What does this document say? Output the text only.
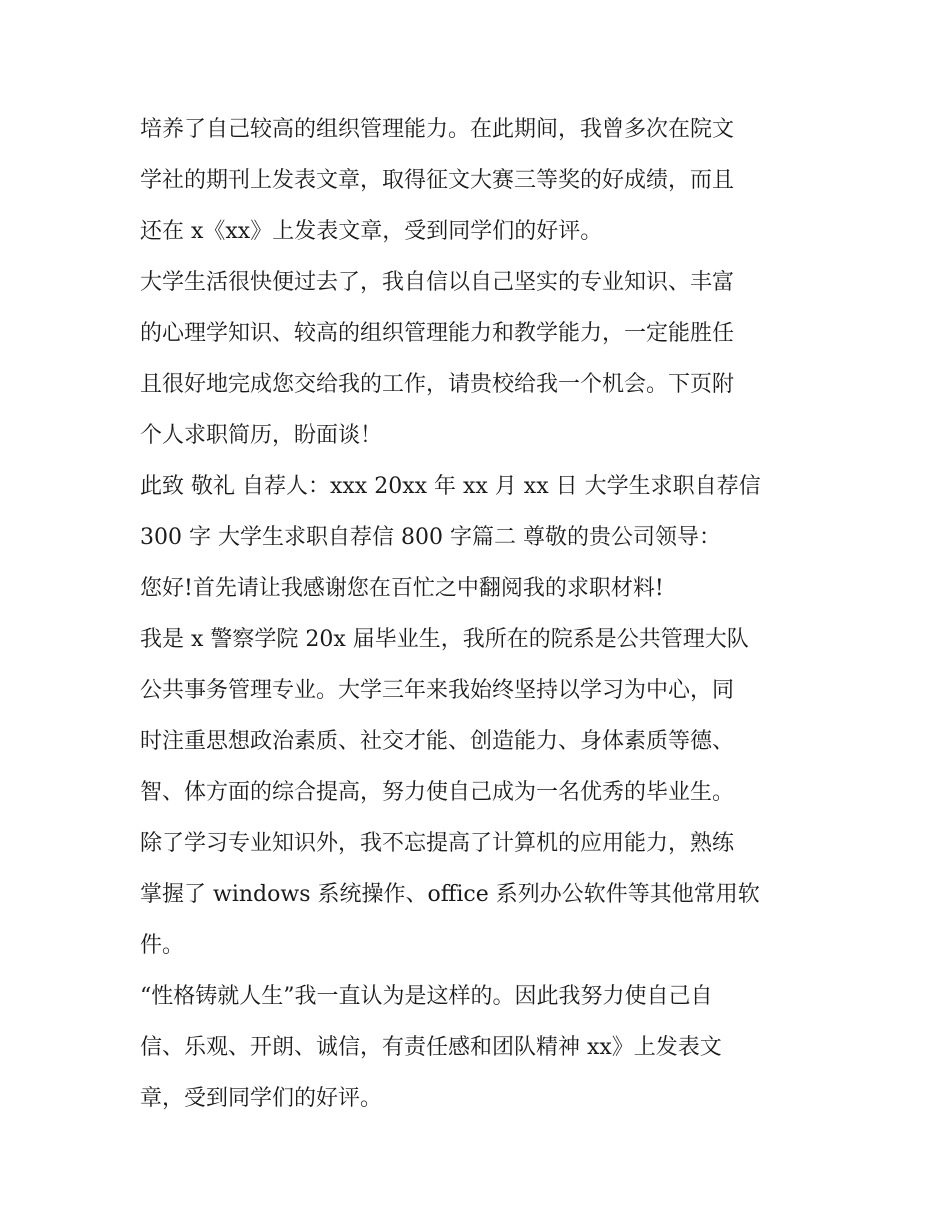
培养了自己较高的组织管理能力。在此期间，我曾多次在院文
学社的期刊上发表文章，取得征文大赛三等奖的好成绩，而且
还在 x《xx》上发表文章，受到同学们的好评。
大学生活很快便过去了，我自信以自己坚实的专业知识、丰富
的心理学知识、较高的组织管理能力和教学能力，一定能胜任
且很好地完成您交给我的工作，请贵校给我一个机会。下页附
个人求职简历，盼面谈！
此致 敬礼 自荐人：xxx 20xx 年 xx 月 xx 日 大学生求职自荐信
300 字 大学生求职自荐信 800 字篇二 尊敬的贵公司领导：
您好!首先请让我感谢您在百忙之中翻阅我的求职材料!
我是 x 警察学院 20x 届毕业生，我所在的院系是公共管理大队
公共事务管理专业。大学三年来我始终坚持以学习为中心，同
时注重思想政治素质、社交才能、创造能力、身体素质等德、
智、体方面的综合提高，努力使自己成为一名优秀的毕业生。
除了学习专业知识外，我不忘提高了计算机的应用能力，熟练
掌握了 windows 系统操作、office 系列办公软件等其他常用软
件。
“性格铸就人生”我一直认为是这样的。因此我努力使自己自
信、乐观、开朗、诚信，有责任感和团队精神 xx》上发表文
章，受到同学们的好评。
